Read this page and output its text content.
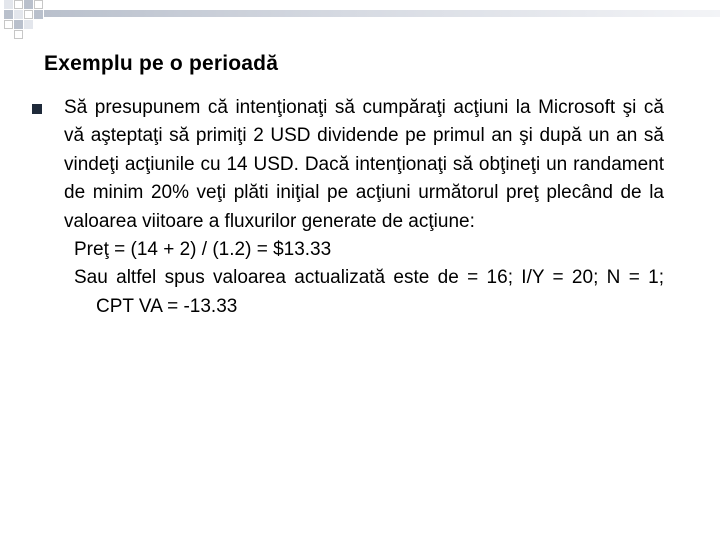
Exemplu pe o perioadă

Să presupunem că intenţionaţi să cumpăraţi acţiuni la Microsoft şi că vă aşteptaţi să primiţi 2 USD dividende pe primul an şi după un an să vindeţi acţiunile cu 14 USD. Dacă intenţionaţi să obţineţi un randament de minim 20% veţi plăti iniţial pe acţiuni următorul preţ plecând de la valoarea viitoare a fluxurilor generate de acţiune:

Preţ = (14 + 2) / (1.2) = $13.33

Sau altfel spus valoarea actualizată este de = 16; I/Y = 20; N = 1; CPT VA = -13.33
